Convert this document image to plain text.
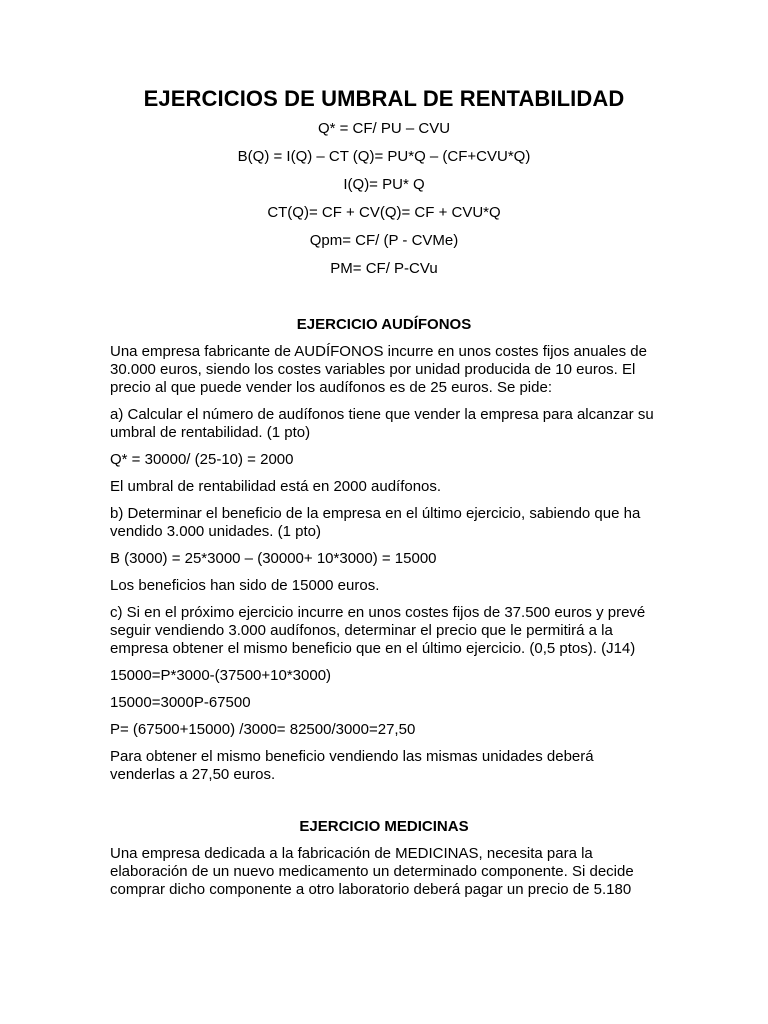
EJERCICIOS DE UMBRAL DE RENTABILIDAD
Q* = CF/ PU – CVU
B(Q) = I(Q) – CT (Q)= PU*Q – (CF+CVU*Q)
I(Q)= PU* Q
CT(Q)= CF + CV(Q)= CF + CVU*Q
Qpm= CF/ (P - CVMe)
PM= CF/ P-CVu
EJERCICIO AUDÍFONOS

Una empresa fabricante de AUDÍFONOS incurre en unos costes fijos anuales de 30.000 euros, siendo los costes variables por unidad producida de 10 euros. El precio al que puede vender los audífonos es de 25 euros. Se pide:

a) Calcular el número de audífonos tiene que vender la empresa para alcanzar su umbral de rentabilidad. (1 pto)

Q* = 30000/ (25-10) = 2000

El umbral de rentabilidad está en 2000 audífonos.

b) Determinar el beneficio de la empresa en el último ejercicio, sabiendo que ha vendido 3.000 unidades. (1 pto)

B (3000) = 25*3000 – (30000+ 10*3000) = 15000

Los beneficios han sido de 15000 euros.

c) Si en el próximo ejercicio incurre en unos costes fijos de 37.500 euros y prevé seguir vendiendo 3.000 audífonos, determinar el precio que le permitirá a la empresa obtener el mismo beneficio que en el último ejercicio. (0,5 ptos). (J14)

15000=P*3000-(37500+10*3000)

15000=3000P-67500

P= (67500+15000) /3000= 82500/3000=27,50

Para obtener el mismo beneficio vendiendo las mismas unidades deberá venderlas a 27,50 euros.

EJERCICIO MEDICINAS

Una empresa dedicada a la fabricación de MEDICINAS, necesita para la elaboración de un nuevo medicamento un determinado componente. Si decide comprar dicho componente a otro laboratorio deberá pagar un precio de 5.180
